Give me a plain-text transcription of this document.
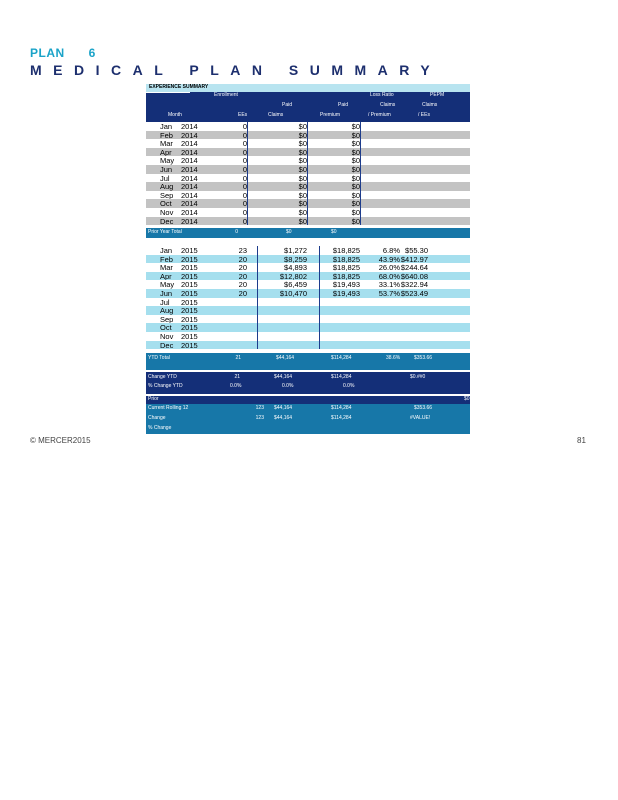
PLAN 6
MEDICAL PLAN SUMMARY
EXPERIENCE SUMMARY
Enrollment	Loss Ratio	PEPM
Paid	Paid	Claims	Claims
Month	EEs	Claims	Premium	/ Premium	/ EEs
Jan 2014	0	$0	$0
Feb 2014	0	$0	$0
Mar 2014	0	$0	$0
Apr 2014	0	$0	$0
May 2014	0	$0	$0
Jun 2014	0	$0	$0
Jul 2014	0	$0	$0
Aug 2014	0	$0	$0
Sep 2014	0	$0	$0
Oct 2014	0	$0	$0
Nov 2014	0	$0	$0
Dec 2014	0	$0	$0
Prior Year Total	0	$0	$0
Jan 2015	23	$1,272	$18,825	6.8% $55.30
Feb 2015	20	$8,259	$18,825 43.9% $412.97
Mar 2015	20	$4,893	$18,825 26.0% $244.64
Apr 2015	20	$12,802	$18,825 68.0% $640.08
May 2015	20	$6,459	$19,493 33.1% $322.94
Jun 2015	20	$10,470	$19,493 53.7% $523.49
Jul 2015
Aug 2015
Sep 2015
Oct 2015
Nov 2015
Dec 2015
YTD Total	21	$44,164	$114,284	38.6%	$353.66
Change YTD	21	$44,164	$114,284	$0.##0
% Change YTD	0.0%	0.0%	0.0%
Prior	$0
Current Rolling 12	123 $44,164	$114,284	$353.66
Change	123 $44,164	$114,284	#VALUE!
% Change
© MERCER2015	81
